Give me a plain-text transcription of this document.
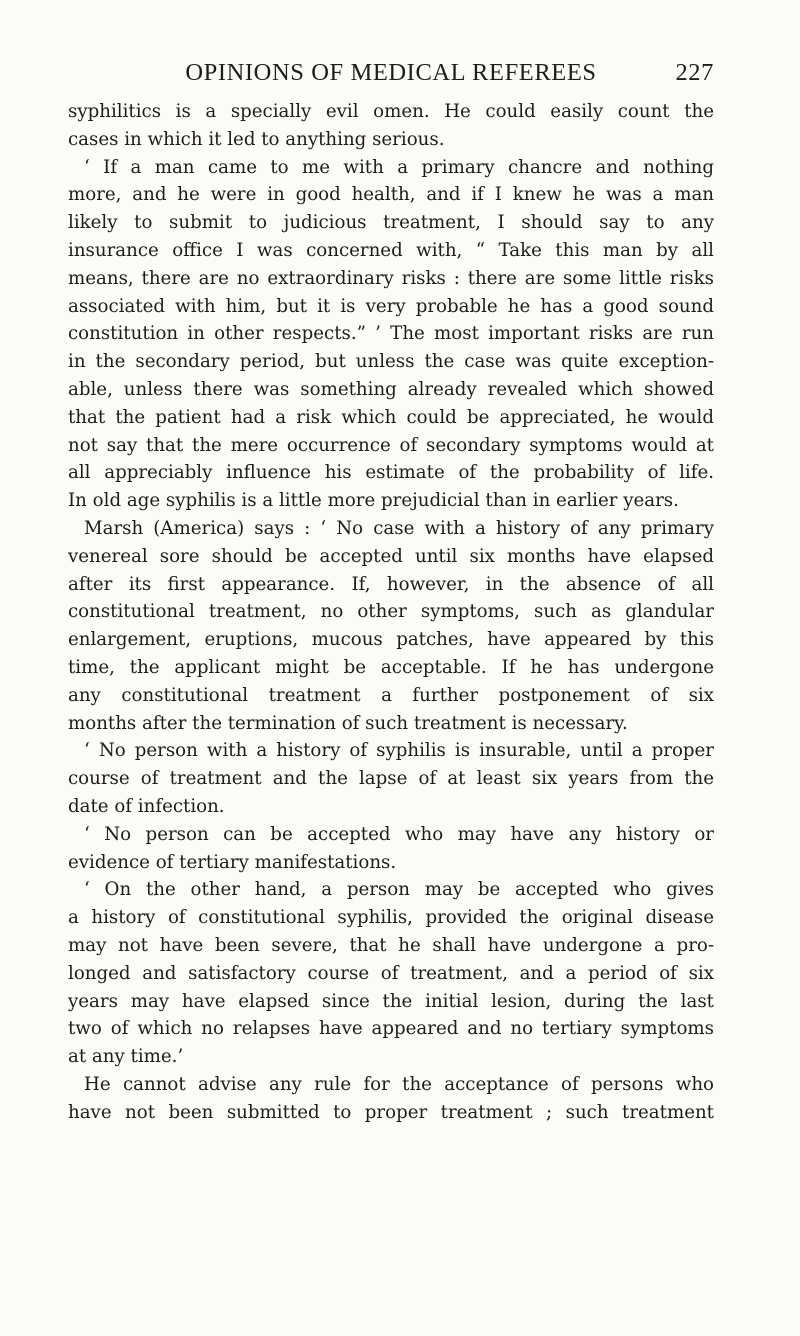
OPINIONS OF MEDICAL REFEREES	227
syphilitics is a specially evil omen. He could easily count the
cases in which it led to anything serious.
‘ If a man came to me with a primary chancre and nothing
more, and he were in good health, and if I knew he was a man
likely to submit to judicious treatment, I should say to any
insurance office I was concerned with, “ Take this man by all
means, there are no extraordinary risks : there are some little risks
associated with him, but it is very probable he has a good sound
constitution in other respects.” ’ The most important risks are run
in the secondary period, but unless the case was quite exception-
able, unless there was something already revealed which showed
that the patient had a risk which could be appreciated, he would
not say that the mere occurrence of secondary symptoms would at
all appreciably influence his estimate of the probability of life.
In old age syphilis is a little more prejudicial than in earlier years.
Marsh (America) says : ‘ No case with a history of any primary
venereal sore should be accepted until six months have elapsed
after its first appearance. If, however, in the absence of all
constitutional treatment, no other symptoms, such as glandular
enlargement, eruptions, mucous patches, have appeared by this
time, the applicant might be acceptable. If he has undergone
any constitutional treatment a further postponement of six
months after the termination of such treatment is necessary.
‘ No person with a history of syphilis is insurable, until a proper
course of treatment and the lapse of at least six years from the
date of infection.
‘ No person can be accepted who may have any history or
evidence of tertiary manifestations.
‘ On the other hand, a person may be accepted who gives
a history of constitutional syphilis, provided the original disease
may not have been severe, that he shall have undergone a pro-
longed and satisfactory course of treatment, and a period of six
years may have elapsed since the initial lesion, during the last
two of which no relapses have appeared and no tertiary symptoms
at any time.’
He cannot advise any rule for the acceptance of persons who
have not been submitted to proper treatment ; such treatment
